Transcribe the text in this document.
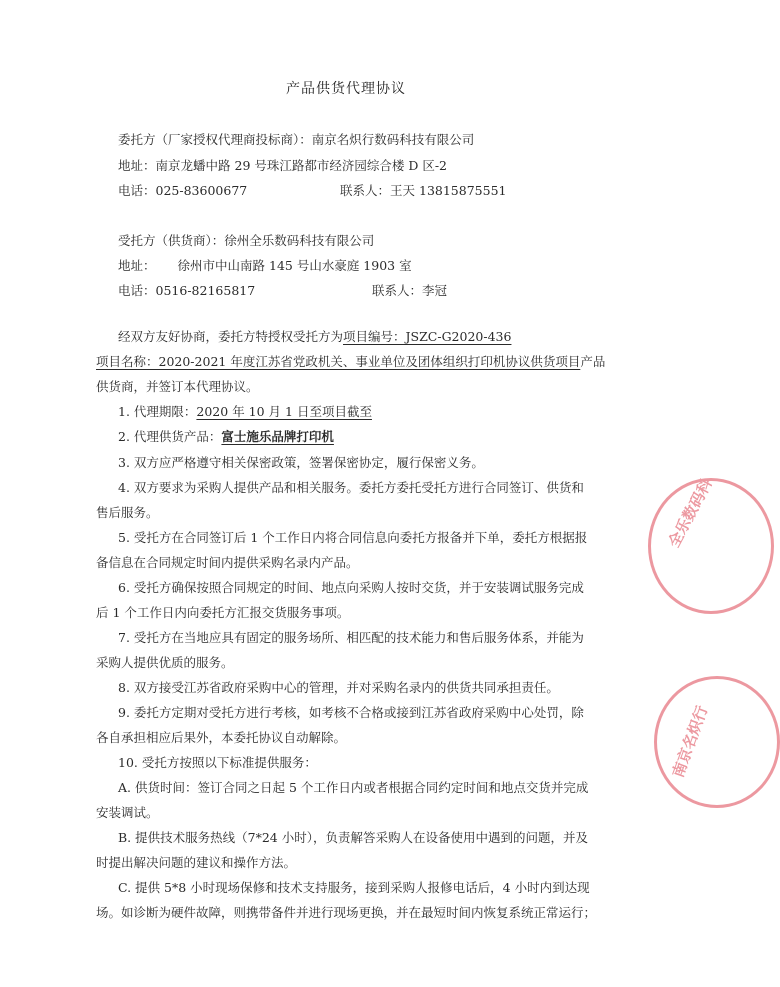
产品供货代理协议
委托方（厂家授权代理商投标商）：南京名炽行数码科技有限公司
地址：南京龙蟠中路 29 号珠江路都市经济园综合楼 D 区-2
电话：025-83600677	联系人：王天 13815875551
受托方（供货商）：徐州全乐数码科技有限公司
地址： 徐州市中山南路 145 号山水豪庭 1903 室
电话：0516-82165817	联系人：李冠
经双方友好协商，委托方特授权受托方为项目编号：JSZC-G2020-436
项目名称：2020-2021 年度江苏省党政机关、事业单位及团体组织打印机协议供货项目产品
供货商，并签订本代理协议。
1. 代理期限：2020 年 10 月 1 日至项目截至
2. 代理供货产品：富士施乐品牌打印机
3. 双方应严格遵守相关保密政策，签署保密协定，履行保密义务。
4. 双方要求为采购人提供产品和相关服务。委托方委托受托方进行合同签订、供货和
售后服务。
5. 受托方在合同签订后 1 个工作日内将合同信息向委托方报备并下单，委托方根据报
备信息在合同规定时间内提供采购名录内产品。
6. 受托方确保按照合同规定的时间、地点向采购人按时交货，并于安装调试服务完成
后 1 个工作日内向委托方汇报交货服务事项。
7. 受托方在当地应具有固定的服务场所、相匹配的技术能力和售后服务体系，并能为
采购人提供优质的服务。
8. 双方接受江苏省政府采购中心的管理，并对采购名录内的供货共同承担责任。
9. 委托方定期对受托方进行考核，如考核不合格或接到江苏省政府采购中心处罚，除
各自承担相应后果外，本委托协议自动解除。
10. 受托方按照以下标准提供服务：
A. 供货时间：签订合同之日起 5 个工作日内或者根据合同约定时间和地点交货并完成
安装调试。
B. 提供技术服务热线（7*24 小时），负责解答采购人在设备使用中遇到的问题，并及
时提出解决问题的建议和操作方法。
C. 提供 5*8 小时现场保修和技术支持服务，接到采购人报修电话后，4 小时内到达现
场。如诊断为硬件故障，则携带备件并进行现场更换，并在最短时间内恢复系统正常运行；
全乐数码科
南京名炽行
